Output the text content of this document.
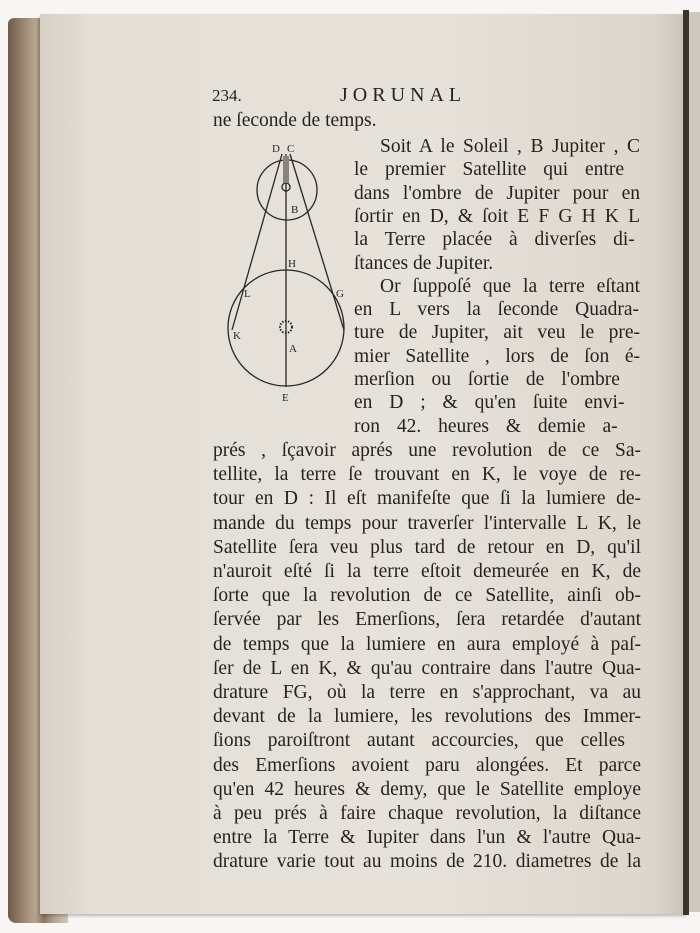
234.	JORUNAL
ne ſeconde de temps.
D C
B
H
L	G
K
A
E
Soit A le Soleil , B Jupiter , C
le premier Satellite qui entre
dans l'ombre de Jupiter pour en
ſortir en D, & ſoit E F G H K L
la Terre placée à diverſes di-
ſtances de Jupiter.
Or ſuppoſé que la terre eſtant
en L vers la ſeconde Quadra-
ture de Jupiter, ait veu le pre-
mier Satellite , lors de ſon é-
merſion ou ſortie de l'ombre
en D ; & qu'en ſuite envi-
ron 42. heures & demie a-
prés , ſçavoir aprés une revolution de ce Sa-
tellite, la terre ſe trouvant en K, le voye de re-
tour en D : Il eſt manifeſte que ſi la lumiere de-
mande du temps pour traverſer l'intervalle L K, le
Satellite ſera veu plus tard de retour en D, qu'il
n'auroit eſté ſi la terre eſtoit demeurée en K, de
ſorte que la revolution de ce Satellite, ainſi ob-
ſervée par les Emerſions, ſera retardée d'autant
de temps que la lumiere en aura employé à paſ-
ſer de L en K, & qu'au contraire dans l'autre Qua-
drature FG, où la terre en s'approchant, va au
devant de la lumiere, les revolutions des Immer-
ſions paroiſtront autant accourcies, que celles
des Emerſions avoient paru alongées. Et parce
qu'en 42 heures & demy, que le Satellite employe
à peu prés à faire chaque revolution, la diſtance
entre la Terre & Iupiter dans l'un & l'autre Qua-
drature varie tout au moins de 210. diametres de la
